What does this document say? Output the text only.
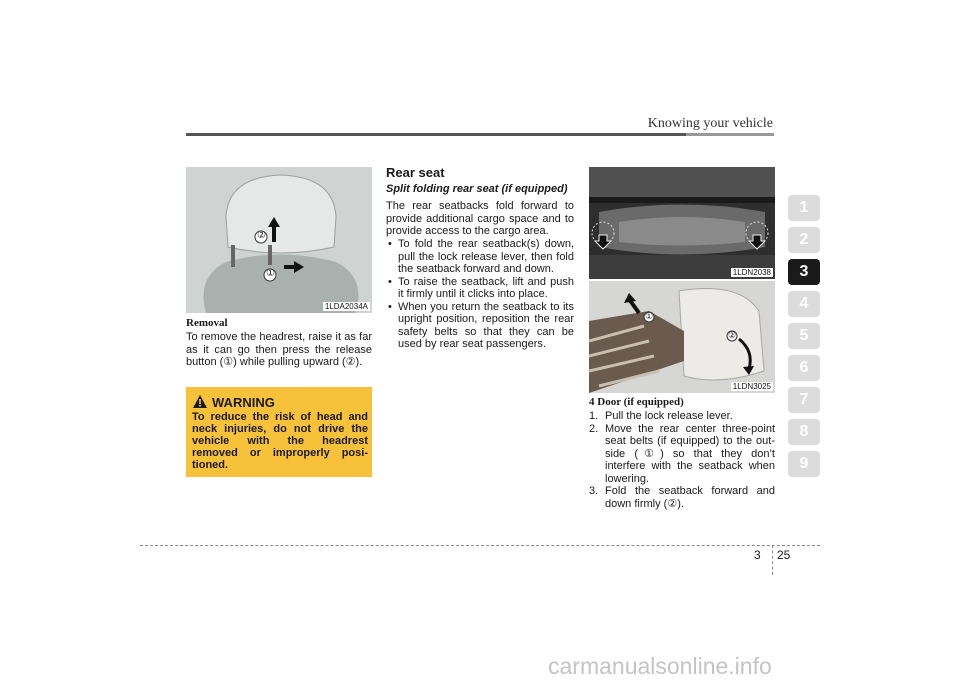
Knowing your vehicle
1
2
3
4
5
6
7
8
9
②
①
1LDA2034A
Removal
To remove the headrest, raise it as far as it can go then press the release button (①) while pulling upward (②).
WARNING
To reduce the risk of head and neck injuries, do not drive the vehicle with the headrest removed or improperly posi-tioned.
Rear seat
Split folding rear seat (if equipped)
The rear seatbacks fold forward to provide additional cargo space and to provide access to the cargo area.
• To fold the rear seatback(s) down, pull the lock release lever, then fold the seatback forward and down.
• To raise the seatback, lift and push it firmly until it clicks into place.
• When you return the seatback to its upright position, reposition the rear safety belts so that they can be used by rear seat passengers.
1LDN2038
①
②
1LDN3025
4 Door (if equipped)
1. Pull the lock release lever.
2. Move the rear center three-point seat belts (if equipped) to the out-side (①) so that they don’t interfere with the seatback when lowering.
3. Fold the seatback forward and down firmly (②).
3 25
carmanualsonline.info
